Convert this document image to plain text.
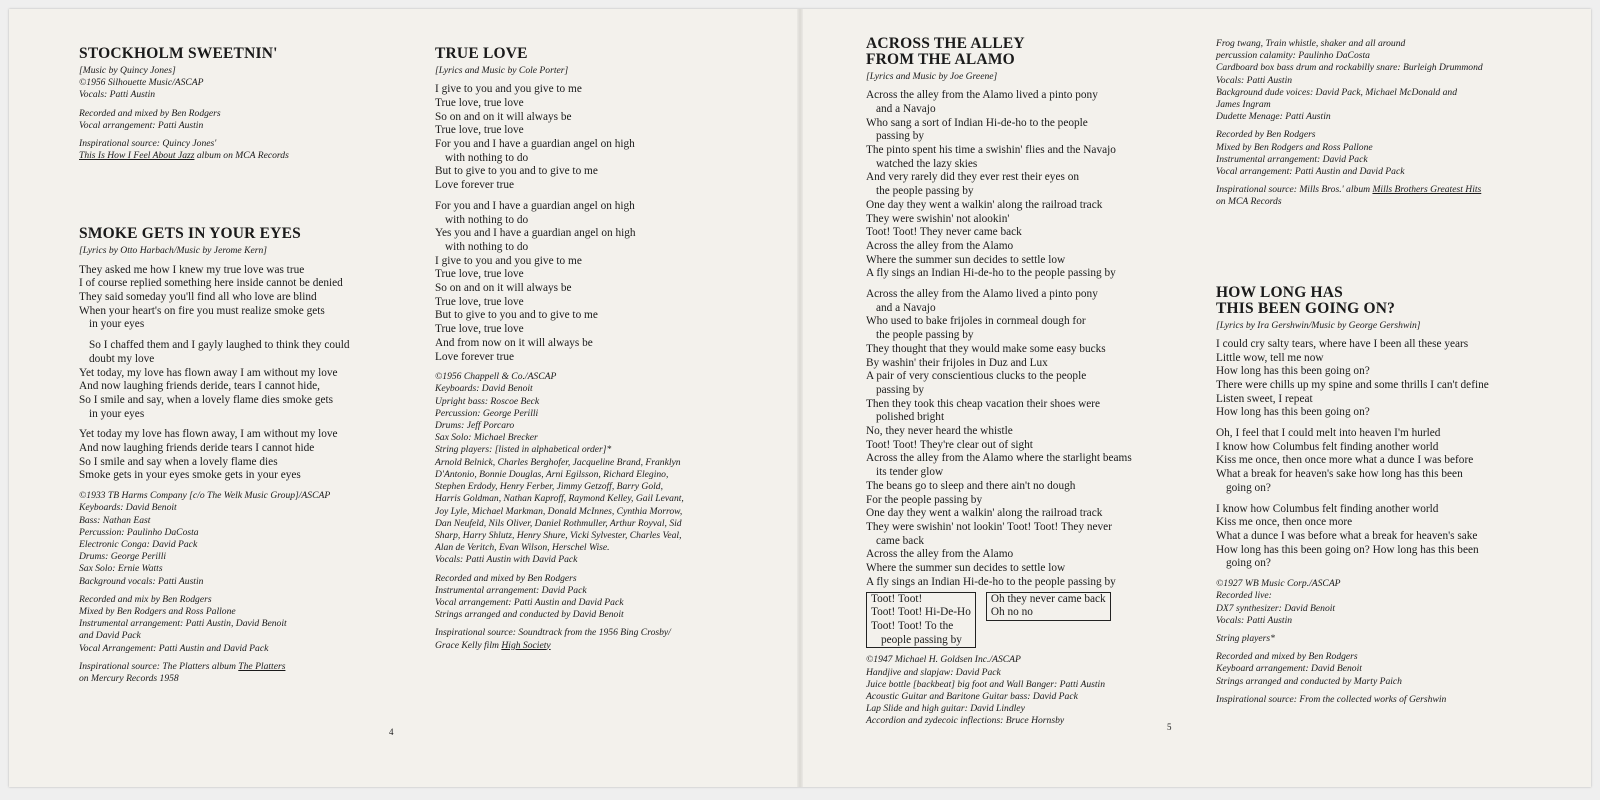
STOCKHOLM SWEETNIN'

[Music by Quincy Jones]

©1956 Silhouette Music/ASCAP

Vocals: Patti Austin

Recorded and mixed by Ben Rodgers

Vocal arrangement: Patti Austin

Inspirational source: Quincy Jones'
This Is How I Feel About Jazz album on MCA Records

SMOKE GETS IN YOUR EYES

[Lyrics by Otto Harbach/Music by Jerome Kern]

They asked me how I knew my true love was true

I of course replied something here inside cannot be denied

They said someday you'll find all who love are blind

When your heart's on fire you must realize smoke gets

in your eyes

So I chaffed them and I gayly laughed to think they could

doubt my love

Yet today, my love has flown away I am without my love

And now laughing friends deride, tears I cannot hide,

So I smile and say, when a lovely flame dies smoke gets

in your eyes

Yet today my love has flown away, I am without my love

And now laughing friends deride tears I cannot hide

So I smile and say when a lovely flame dies

Smoke gets in your eyes smoke gets in your eyes

©1933 TB Harms Company [c/o The Welk Music Group]/ASCAP

Keyboards: David Benoit

Bass: Nathan East

Percussion: Paulinho DaCosta

Electronic Conga: David Pack

Drums: George Perilli

Sax Solo: Ernie Watts

Background vocals: Patti Austin

Recorded and mix by Ben Rodgers

Mixed by Ben Rodgers and Ross Pallone

Instrumental arrangement: Patti Austin, David Benoit

and David Pack

Vocal Arrangement: Patti Austin and David Pack

Inspirational source: The Platters album The Platters
on Mercury Records 1958

TRUE LOVE

[Lyrics and Music by Cole Porter]

I give to you and you give to me

True love, true love

So on and on it will always be

True love, true love

For you and I have a guardian angel on high

with nothing to do

But to give to you and to give to me

Love forever true

For you and I have a guardian angel on high

with nothing to do

Yes you and I have a guardian angel on high

with nothing to do

I give to you and you give to me

True love, true love

So on and on it will always be

True love, true love

But to give to you and to give to me

True love, true love

And from now on it will always be

Love forever true

©1956 Chappell & Co./ASCAP

Keyboards: David Benoit

Upright bass: Roscoe Beck

Percussion: George Perilli

Drums: Jeff Porcaro

Sax Solo: Michael Brecker

String players: [listed in alphabetical order]*

Arnold Belnick, Charles Berghofer, Jacqueline Brand, Franklyn

D'Antonio, Bonnie Douglas, Arni Egilsson, Richard Elegino,

Stephen Erdody, Henry Ferber, Jimmy Getzoff, Barry Gold,

Harris Goldman, Nathan Kaproff, Raymond Kelley, Gail Levant,

Joy Lyle, Michael Markman, Donald McInnes, Cynthia Morrow,

Dan Neufeld, Nils Oliver, Daniel Rothmuller, Arthur Royval, Sid

Sharp, Harry Shlutz, Henry Shure, Vicki Sylvester, Charles Veal,

Alan de Veritch, Evan Wilson, Herschel Wise.

Vocals: Patti Austin with David Pack

Recorded and mixed by Ben Rodgers

Instrumental arrangement: David Pack

Vocal arrangement: Patti Austin and David Pack

Strings arranged and conducted by David Benoit

Inspirational source: Soundtrack from the 1956 Bing Crosby/
Grace Kelly film High Society

4
ACROSS THE ALLEY
FROM THE ALAMO

[Lyrics and Music by Joe Greene]

Across the alley from the Alamo lived a pinto pony

and a Navajo

Who sang a sort of Indian Hi-de-ho to the people

passing by

The pinto spent his time a swishin' flies and the Navajo

watched the lazy skies

And very rarely did they ever rest their eyes on

the people passing by

One day they went a walkin' along the railroad track

They were swishin' not alookin'

Toot! Toot! They never came back

Across the alley from the Alamo

Where the summer sun decides to settle low

A fly sings an Indian Hi-de-ho to the people passing by

Across the alley from the Alamo lived a pinto pony

and a Navajo

Who used to bake frijoles in cornmeal dough for

the people passing by

They thought that they would make some easy bucks

By washin' their frijoles in Duz and Lux

A pair of very conscientious clucks to the people

passing by

Then they took this cheap vacation their shoes were

polished bright

No, they never heard the whistle

Toot! Toot! They're clear out of sight

Across the alley from the Alamo where the starlight beams

its tender glow

The beans go to sleep and there ain't no dough

For the people passing by

One day they went a walkin' along the railroad track

They were swishin' not lookin' Toot! Toot! They never

came back

Across the alley from the Alamo

Where the summer sun decides to settle low

A fly sings an Indian Hi-de-ho to the people passing by

Toot! Toot!
Toot! Toot! Hi-De-Ho
Toot! Toot! To the
people passing by
Oh they never came back
Oh no no

©1947 Michael H. Goldsen Inc./ASCAP

Handjive and slapjaw: David Pack

Juice bottle [backbeat] big foot and Wall Banger: Patti Austin

Acoustic Guitar and Baritone Guitar bass: David Pack

Lap Slide and high guitar: David Lindley

Accordion and zydecoic inflections: Bruce Hornsby

Frog twang, Train whistle, shaker and all around

percussion calamity: Paulinho DaCosta

Cardboard box bass drum and rockabilly snare: Burleigh Drummond

Vocals: Patti Austin

Background dude voices: David Pack, Michael McDonald and

James Ingram

Dudette Menage: Patti Austin

Recorded by Ben Rodgers

Mixed by Ben Rodgers and Ross Pallone

Instrumental arrangement: David Pack

Vocal arrangement: Patti Austin and David Pack

Inspirational source: Mills Bros.' album Mills Brothers Greatest Hits
on MCA Records

HOW LONG HAS
THIS BEEN GOING ON?

[Lyrics by Ira Gershwin/Music by George Gershwin]

I could cry salty tears, where have I been all these years

Little wow, tell me now

How long has this been going on?

There were chills up my spine and some thrills I can't define

Listen sweet, I repeat

How long has this been going on?

Oh, I feel that I could melt into heaven I'm hurled

I know how Columbus felt finding another world

Kiss me once, then once more what a dunce I was before

What a break for heaven's sake how long has this been

going on?

I know how Columbus felt finding another world

Kiss me once, then once more

What a dunce I was before what a break for heaven's sake

How long has this been going on? How long has this been

going on?

©1927 WB Music Corp./ASCAP

Recorded live:

DX7 synthesizer: David Benoit

Vocals: Patti Austin

String players*

Recorded and mixed by Ben Rodgers

Keyboard arrangement: David Benoit

Strings arranged and conducted by Marty Paich

Inspirational source: From the collected works of Gershwin

5
